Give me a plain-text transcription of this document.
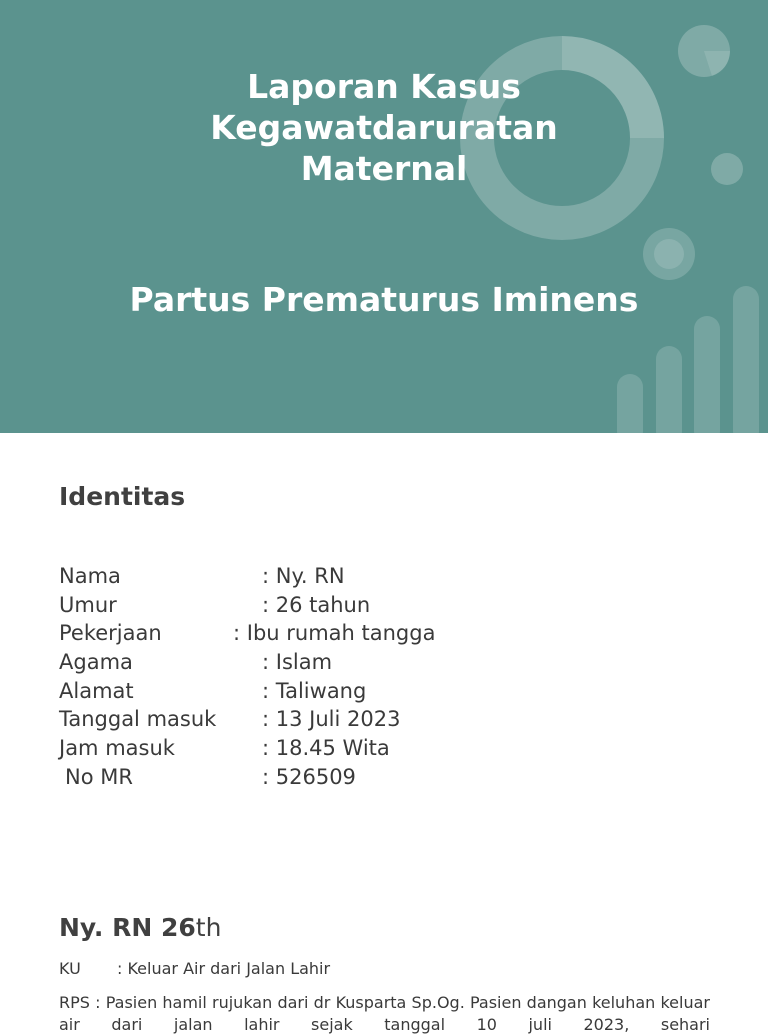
Laporan Kasus
Kegawatdaruratan
Maternal
Partus Prematurus Iminens
Identitas
Nama	: Ny. RN
Umur	: 26 tahun
Pekerjaan	: Ibu rumah tangga
Agama	: Islam
Alamat	: Taliwang
Tanggal masuk : 13 Juli 2023
Jam masuk	: 18.45 Wita
No MR	: 526509
Ny. RN 26th
KU : Keluar Air dari Jalan Lahir
RPS : Pasien hamil rujukan dari dr Kusparta Sp.Og. Pasien dangan keluhan keluar air dari jalan lahir sejak tanggal 10 juli 2023, sehari
